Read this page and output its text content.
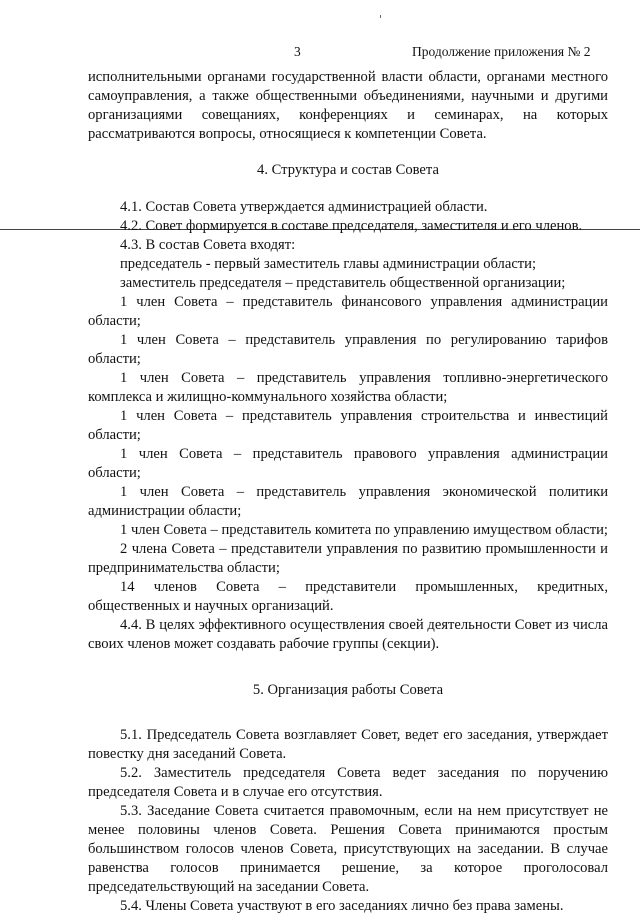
3	Продолжение приложения № 2

исполнительными органами государственной власти области, органами местного самоуправления, а также общественными объединениями, научными и другими организациями совещаниях, конференциях и семинарах, на которых рассматриваются вопросы, относящиеся к компетенции Совета.

4. Структура и состав Совета

4.1. Состав Совета утверждается администрацией области.

4.2. Совет формируется в составе председателя, заместителя и его членов.

4.3. В состав Совета входят:

председатель - первый заместитель главы администрации области;

заместитель председателя – представитель общественной организации;

1 член Совета – представитель финансового управления администрации области;

1 член Совета – представитель управления по регулированию тарифов области;

1 член Совета – представитель управления топливно-энергетического комплекса и жилищно-коммунального хозяйства области;

1 член Совета – представитель управления строительства и инвестиций области;

1 член Совета – представитель правового управления администрации области;

1 член Совета – представитель управления экономической политики администрации области;

1 член Совета – представитель комитета по управлению имуществом области;

2 члена Совета – представители управления по развитию промышленности и предпринимательства области;

14 членов Совета – представители промышленных, кредитных, общественных и научных организаций.

4.4. В целях эффективного осуществления своей деятельности Совет из числа своих членов может создавать рабочие группы (секции).

5. Организация работы Совета

5.1. Председатель Совета возглавляет Совет, ведет его заседания, утверждает повестку дня заседаний Совета.

5.2. Заместитель председателя Совета ведет заседания по поручению председателя Совета и в случае его отсутствия.

5.3. Заседание Совета считается правомочным, если на нем присутствует не менее половины членов Совета. Решения Совета принимаются простым большинством голосов членов Совета, присутствующих на заседании. В случае равенства голосов принимается решение, за которое проголосовал председательствующий на заседании Совета.

5.4. Члены Совета участвуют в его заседаниях лично без права замены.
